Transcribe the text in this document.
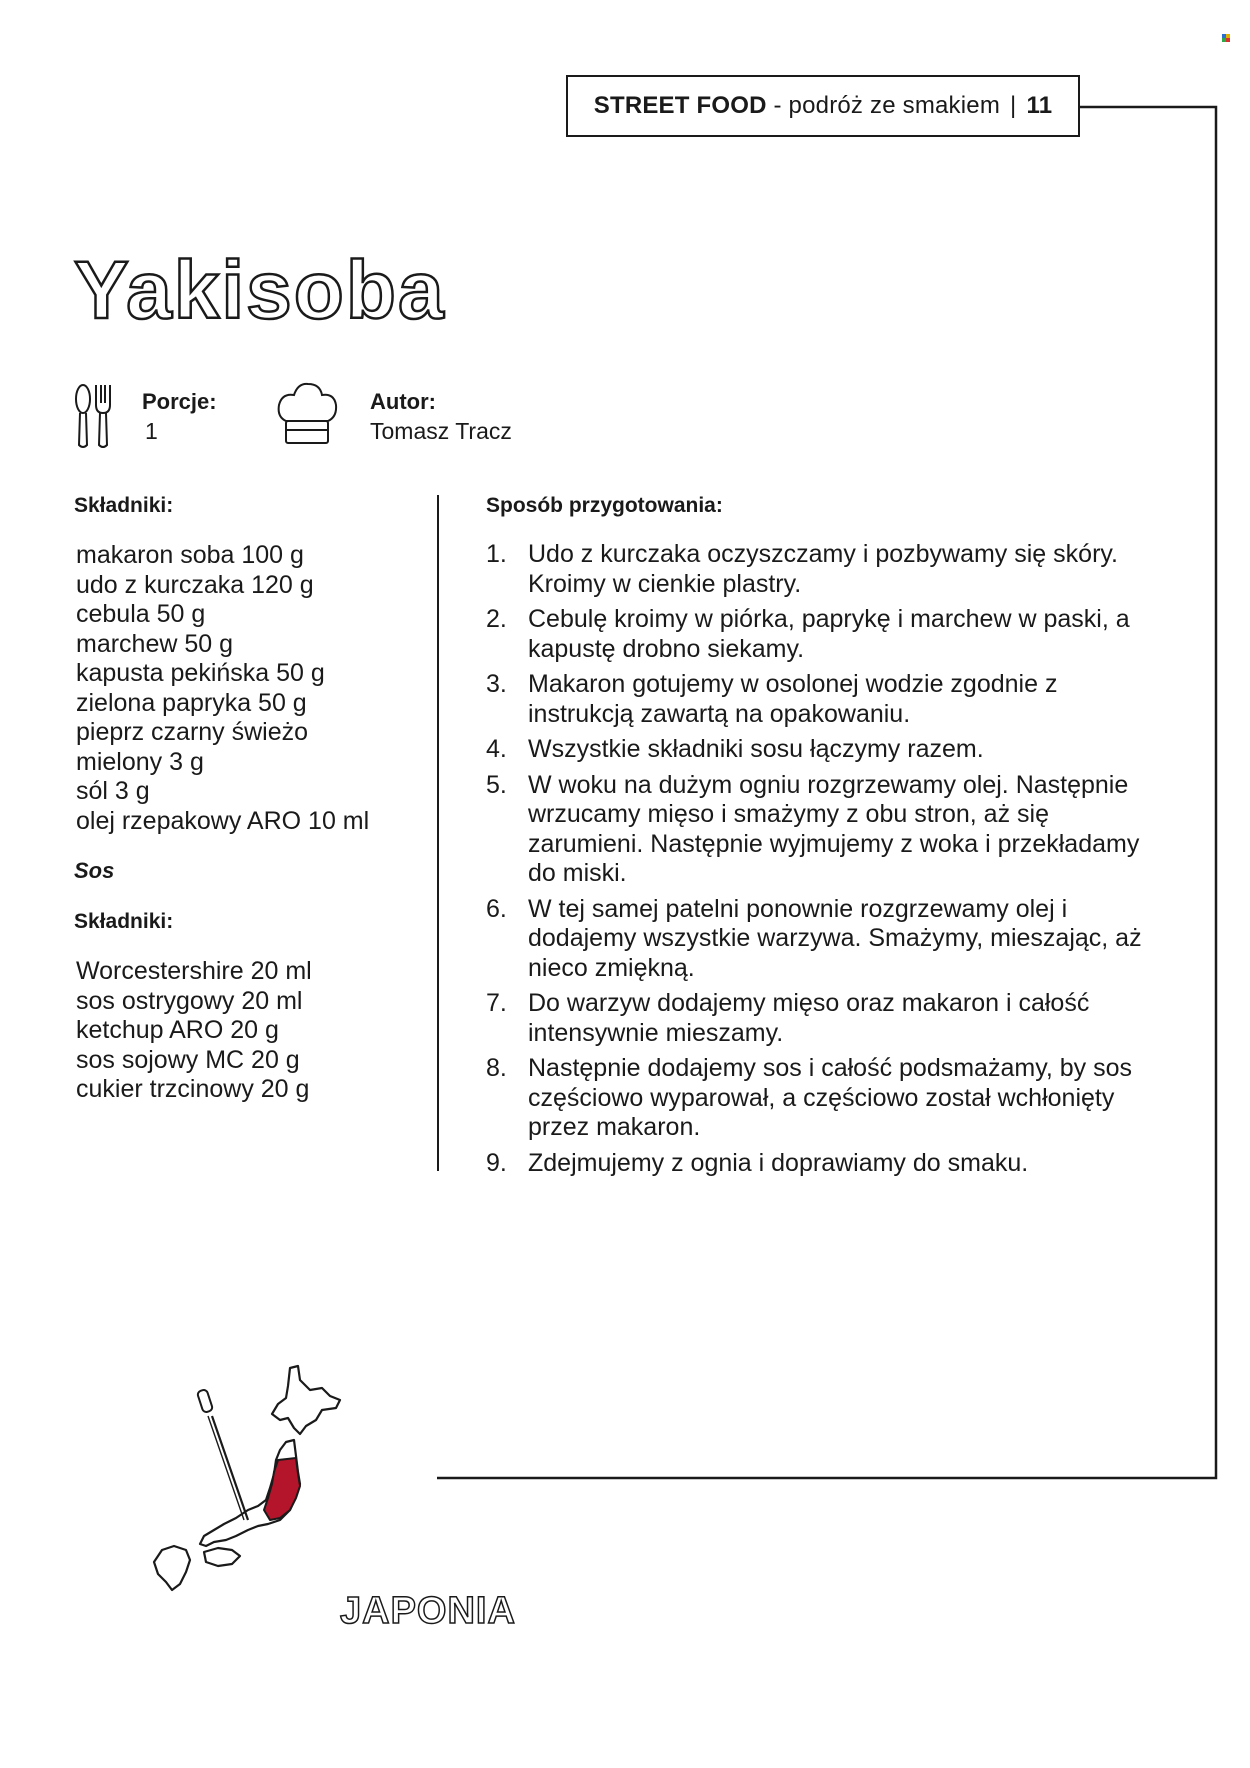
STREET FOOD - podróż ze smakiem | 11
Yakisoba
Porcje:
1
Autor:
Tomasz Tracz
Składniki:
makaron soba 100 g
udo z kurczaka 120 g
cebula 50 g
marchew 50 g
kapusta pekińska 50 g
zielona papryka 50 g
pieprz czarny świeżo
mielony 3 g
sól 3 g
olej rzepakowy ARO 10 ml
Sos
Składniki:
Worcestershire 20 ml
sos ostrygowy 20 ml
ketchup ARO 20 g
sos sojowy MC 20 g
cukier trzcinowy 20 g
Sposób przygotowania:
1. Udo z kurczaka oczyszczamy i pozbywamy się skóry. Kroimy w cienkie plastry.
2. Cebulę kroimy w piórka, paprykę i marchew w paski, a kapustę drobno siekamy.
3. Makaron gotujemy w osolonej wodzie zgodnie z instrukcją zawartą na opakowaniu.
4. Wszystkie składniki sosu łączymy razem.
5. W woku na dużym ogniu rozgrzewamy olej. Następnie wrzucamy mięso i smażymy z obu stron, aż się zarumieni. Następnie wyjmujemy z woka i przekładamy do miski.
6. W tej samej patelni ponownie rozgrzewamy olej i dodajemy wszystkie warzywa. Smażymy, mieszając, aż nieco zmiękną.
7. Do warzyw dodajemy mięso oraz makaron i całość intensywnie mieszamy.
8. Następnie dodajemy sos i całość podsmażamy, by sos częściowo wyparował, a częściowo został wchłonięty przez makaron.
9. Zdejmujemy z ognia i doprawiamy do smaku.
JAPONIA
